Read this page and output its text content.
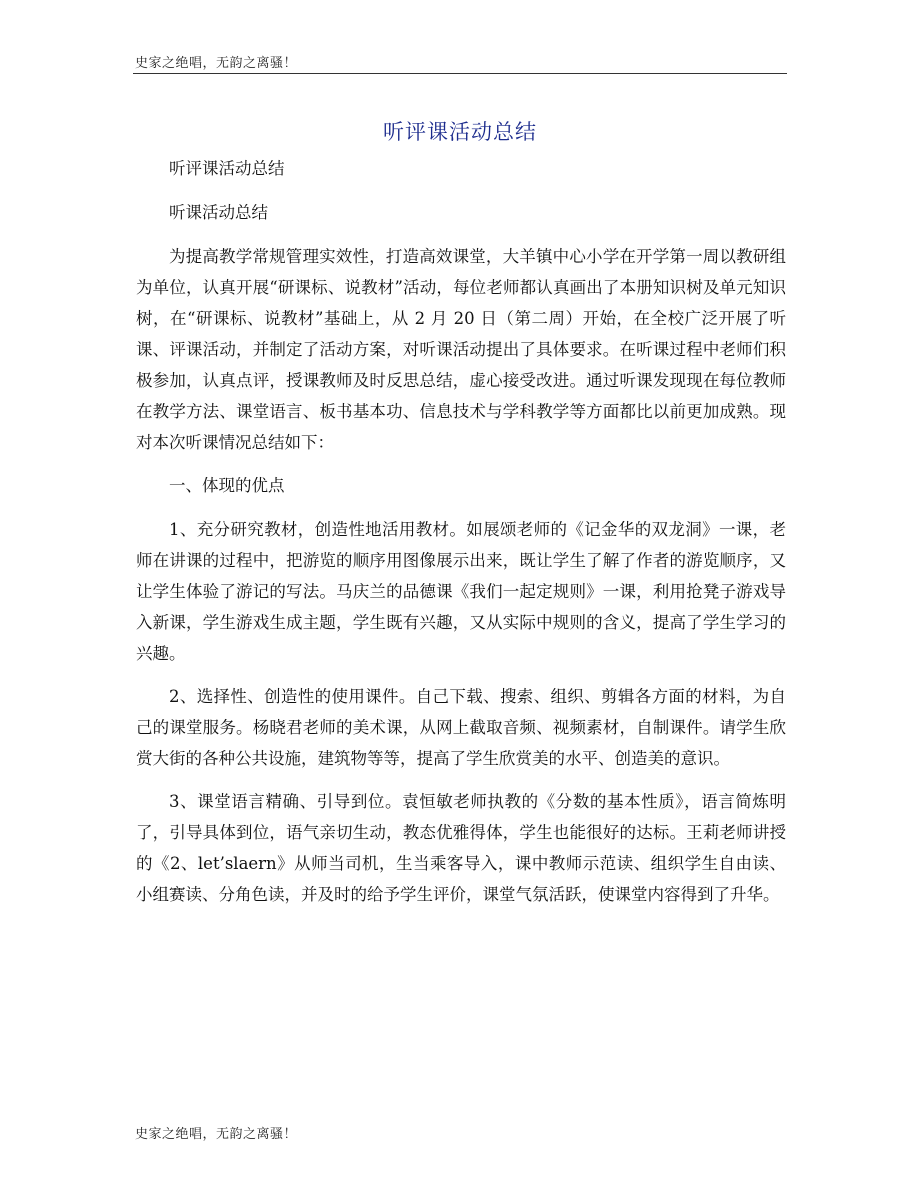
史家之绝唱，无韵之离骚！
听评课活动总结

听评课活动总结

听课活动总结

为提高教学常规管理实效性，打造高效课堂，大羊镇中心小学在开学第一周以教研组为单位，认真开展“研课标、说教材”活动，每位老师都认真画出了本册知识树及单元知识树，在“研课标、说教材”基础上，从 2 月 20 日（第二周）开始，在全校广泛开展了听课、评课活动，并制定了活动方案，对听课活动提出了具体要求。在听课过程中老师们积极参加，认真点评，授课教师及时反思总结，虚心接受改进。通过听课发现现在每位教师在教学方法、课堂语言、板书基本功、信息技术与学科教学等方面都比以前更加成熟。现对本次听课情况总结如下：

一、体现的优点

1、充分研究教材，创造性地活用教材。如展颂老师的《记金华的双龙洞》一课，老师在讲课的过程中，把游览的顺序用图像展示出来，既让学生了解了作者的游览顺序，又让学生体验了游记的写法。马庆兰的品德课《我们一起定规则》一课，利用抢凳子游戏导入新课，学生游戏生成主题，学生既有兴趣，又从实际中规则的含义，提高了学生学习的兴趣。

2、选择性、创造性的使用课件。自己下载、搜索、组织、剪辑各方面的材料，为自己的课堂服务。杨晓君老师的美术课，从网上截取音频、视频素材，自制课件。请学生欣赏大街的各种公共设施，建筑物等等，提高了学生欣赏美的水平、创造美的意识。

3、课堂语言精确、引导到位。袁恒敏老师执教的《分数的基本性质》，语言简炼明了，引导具体到位，语气亲切生动，教态优雅得体，学生也能很好的达标。王莉老师讲授的《2、let’slaern》从师当司机，生当乘客导入，课中教师示范读、组织学生自由读、小组赛读、分角色读，并及时的给予学生评价，课堂气氛活跃，使课堂内容得到了升华。

史家之绝唱，无韵之离骚！
